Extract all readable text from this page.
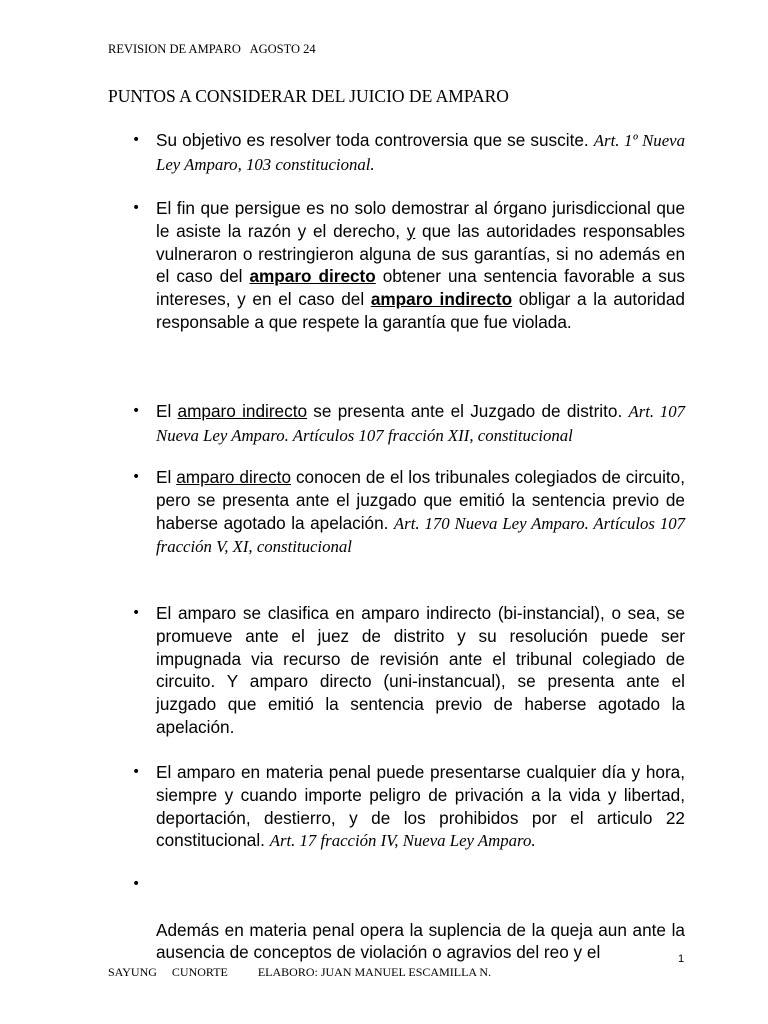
REVISION DE AMPARO   AGOSTO 24
PUNTOS A CONSIDERAR DEL JUICIO DE AMPARO
• Su objetivo es resolver toda controversia que se suscite. Art. 1º Nueva Ley Amparo, 103 constitucional.
• El fin que persigue es no solo demostrar al órgano jurisdiccional que le asiste la razón y el derecho, y que las autoridades responsables vulneraron o restringieron alguna de sus garantías, si no además en el caso del amparo directo obtener una sentencia favorable a sus intereses, y en el caso del amparo indirecto obligar a la autoridad responsable a que respete la garantía que fue violada.
• El amparo indirecto se presenta ante el Juzgado de distrito. Art. 107 Nueva Ley Amparo. Artículos 107 fracción XII, constitucional
• El amparo directo conocen de el los tribunales colegiados de circuito, pero se presenta ante el juzgado que emitió la sentencia previo de haberse agotado la apelación. Art. 170 Nueva Ley Amparo. Artículos 107 fracción V, XI, constitucional
• El amparo se clasifica en amparo indirecto (bi-instancial), o sea, se promueve ante el juez de distrito y su resolución puede ser impugnada via recurso de revisión ante el tribunal colegiado de circuito. Y amparo directo (uni-instancual), se presenta ante el juzgado que emitió la sentencia previo de haberse agotado la apelación.
• El amparo en materia penal puede presentarse cualquier día y hora, siempre y cuando importe peligro de privación a la vida y libertad, deportación, destierro, y de los prohibidos por el articulo 22 constitucional. Art. 17 fracción IV, Nueva Ley Amparo.

•

Además en materia penal opera la suplencia de la queja aun ante la ausencia de conceptos de violación o agravios del reo y el	1
SAYUNG     CUNORTE          ELABORO: JUAN MANUEL ESCAMILLA N.
